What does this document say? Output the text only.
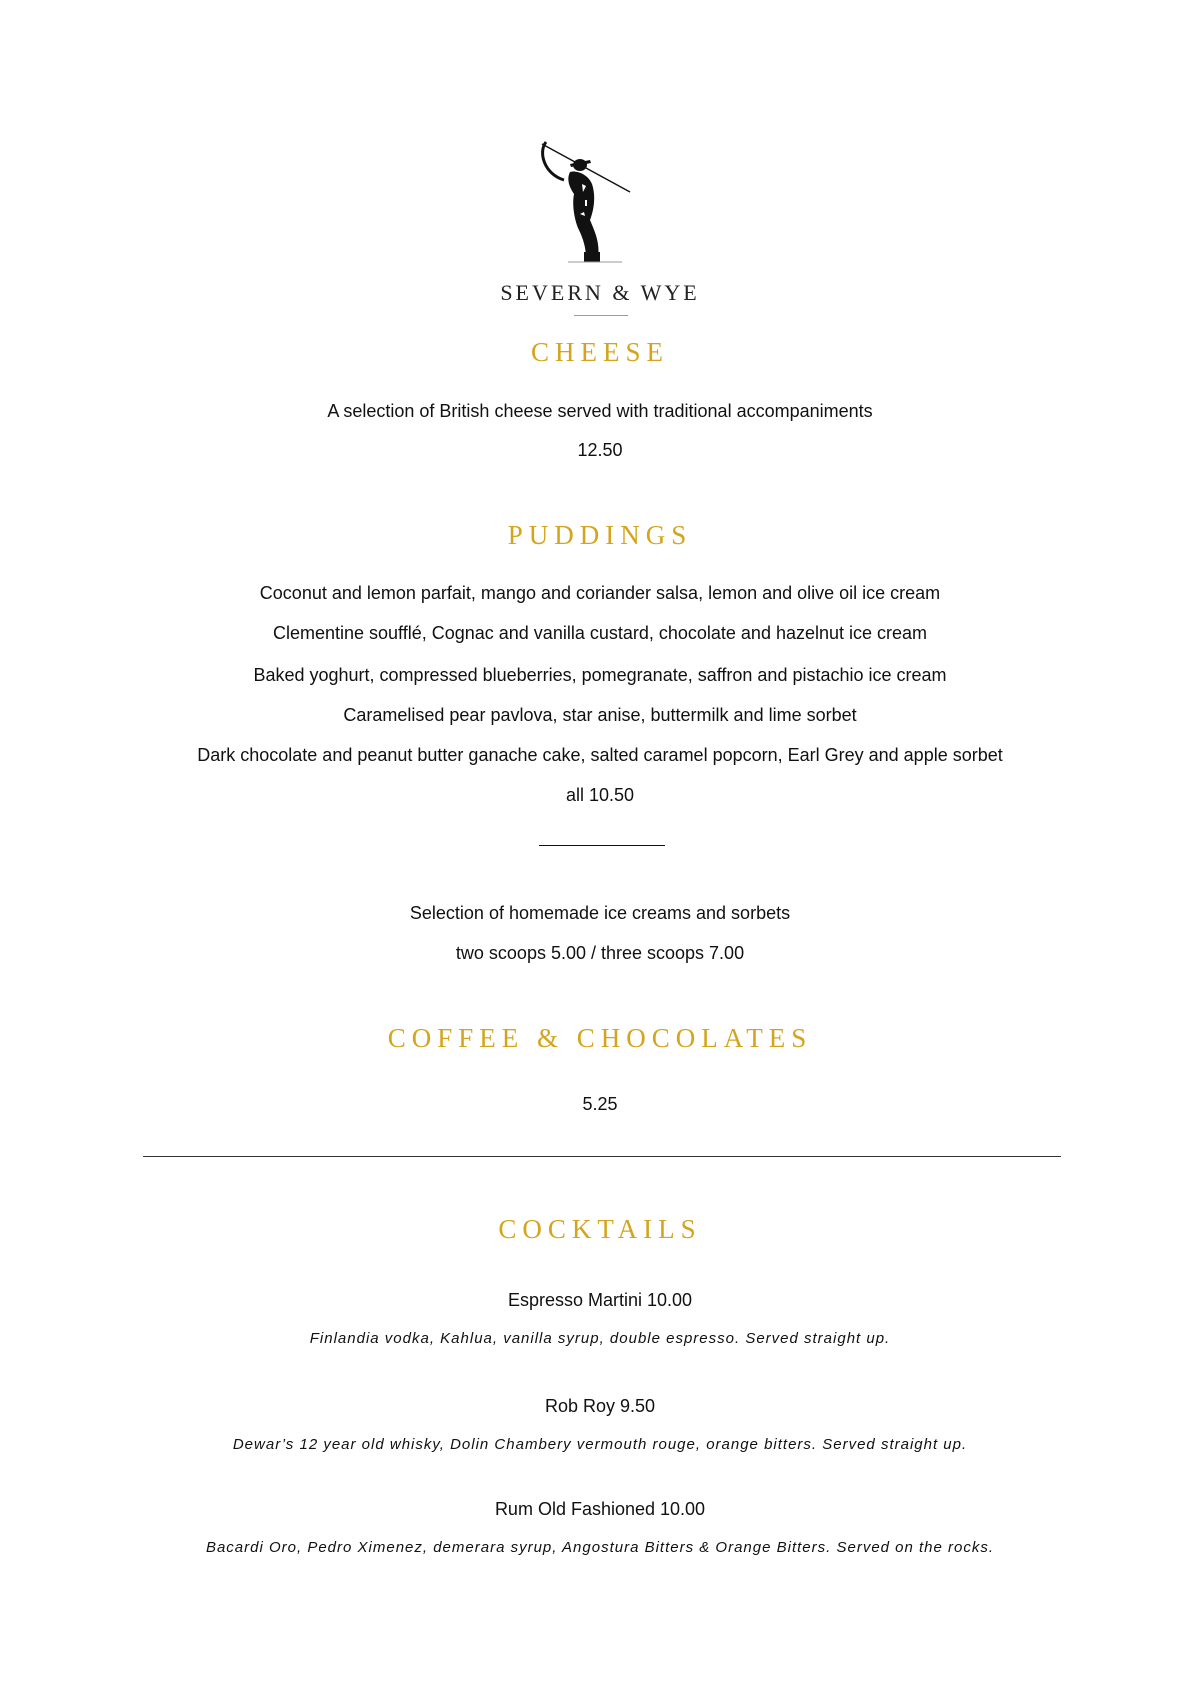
SEVERN & WYE
CHEESE
A selection of British cheese served with traditional accompaniments
12.50
PUDDINGS
Coconut and lemon parfait, mango and coriander salsa, lemon and olive oil ice cream
Clementine soufflé, Cognac and vanilla custard, chocolate and hazelnut ice cream
Baked yoghurt, compressed blueberries, pomegranate, saffron and pistachio ice cream
Caramelised pear pavlova, star anise, buttermilk and lime sorbet
Dark chocolate and peanut butter ganache cake, salted caramel popcorn, Earl Grey and apple sorbet
all 10.50
Selection of homemade ice creams and sorbets
two scoops 5.00 / three scoops 7.00
COFFEE & CHOCOLATES
5.25
COCKTAILS
Espresso Martini 10.00
Finlandia vodka, Kahlua, vanilla syrup, double espresso. Served straight up.
Rob Roy 9.50
Dewar’s 12 year old whisky, Dolin Chambery vermouth rouge, orange bitters. Served straight up.
Rum Old Fashioned 10.00
Bacardi Oro, Pedro Ximenez, demerara syrup, Angostura Bitters & Orange Bitters. Served on the rocks.
